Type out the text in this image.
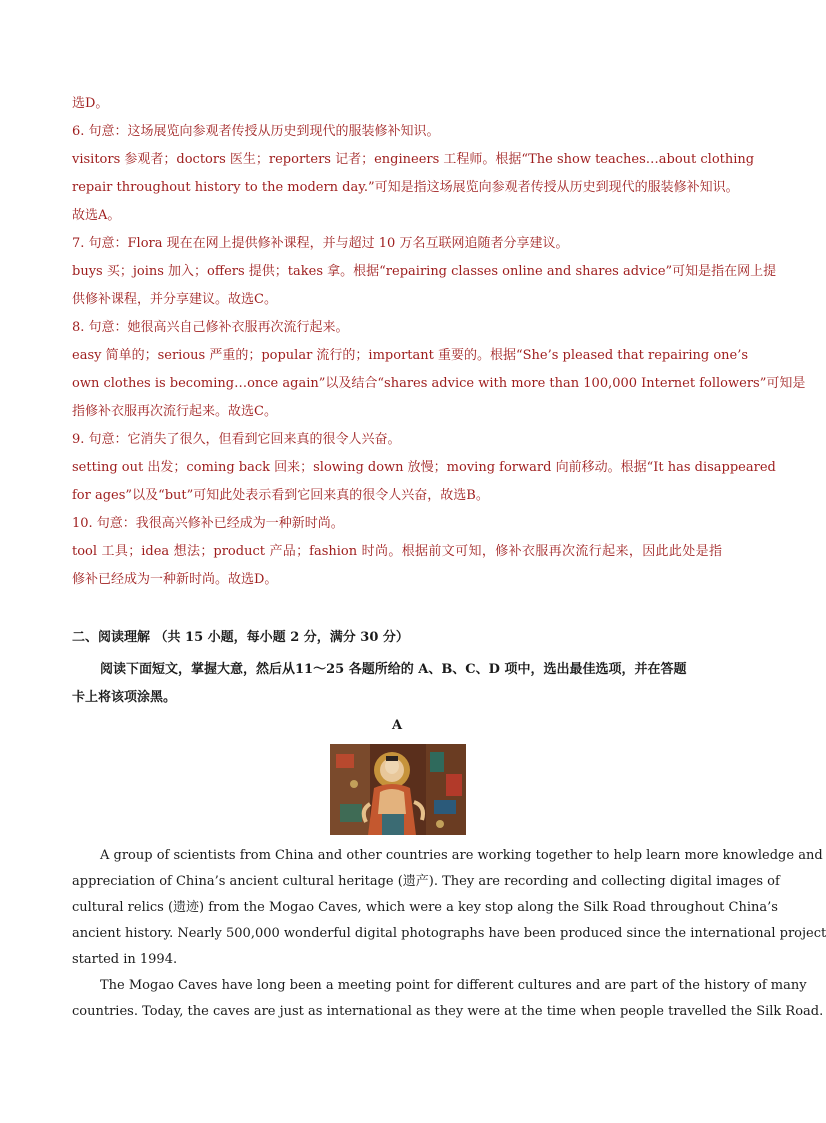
选D。
6. 句意：这场展览向参观者传授从历史到现代的服装修补知识。
visitors 参观者；doctors 医生；reporters 记者；engineers 工程师。根据“The show teaches…about clothing
repair throughout history to the modern day.”可知是指这场展览向参观者传授从历史到现代的服装修补知识。
故选A。
7. 句意：Flora 现在在网上提供修补课程，并与超过 10 万名互联网追随者分享建议。
buys 买；joins 加入；offers 提供；takes 拿。根据“repairing classes online and shares advice”可知是指在网上提
供修补课程，并分享建议。故选C。
8. 句意：她很高兴自己修补衣服再次流行起来。
easy 简单的；serious 严重的；popular 流行的；important 重要的。根据“She’s pleased that repairing one’s
own clothes is becoming…once again”以及结合“shares advice with more than 100,000 Internet followers”可知是
指修补衣服再次流行起来。故选C。
9. 句意：它消失了很久，但看到它回来真的很令人兴奋。
setting out 出发；coming back 回来；slowing down 放慢；moving forward 向前移动。根据“It has disappeared
for ages”以及“but”可知此处表示看到它回来真的很令人兴奋，故选B。
10. 句意：我很高兴修补已经成为一种新时尚。
tool 工具；idea 想法；product 产品；fashion 时尚。根据前文可知，修补衣服再次流行起来，因此此处是指
修补已经成为一种新时尚。故选D。
二、阅读理解 （共 15 小题，每小题 2 分，满分 30 分）
阅读下面短文，掌握大意，然后从11～25 各题所给的 A、B、C、D 项中，选出最佳选项，并在答题
卡上将该项涂黑。
A
A group of scientists from China and other countries are working together to help learn more knowledge and
appreciation of China’s ancient cultural heritage (遗产). They are recording and collecting digital images of
cultural relics (遗迹) from the Mogao Caves, which were a key stop along the Silk Road throughout China’s
ancient history. Nearly 500,000 wonderful digital photographs have been produced since the international project
started in 1994.
The Mogao Caves have long been a meeting point for different cultures and are part of the history of many
countries. Today, the caves are just as international as they were at the time when people travelled the Silk Road.
